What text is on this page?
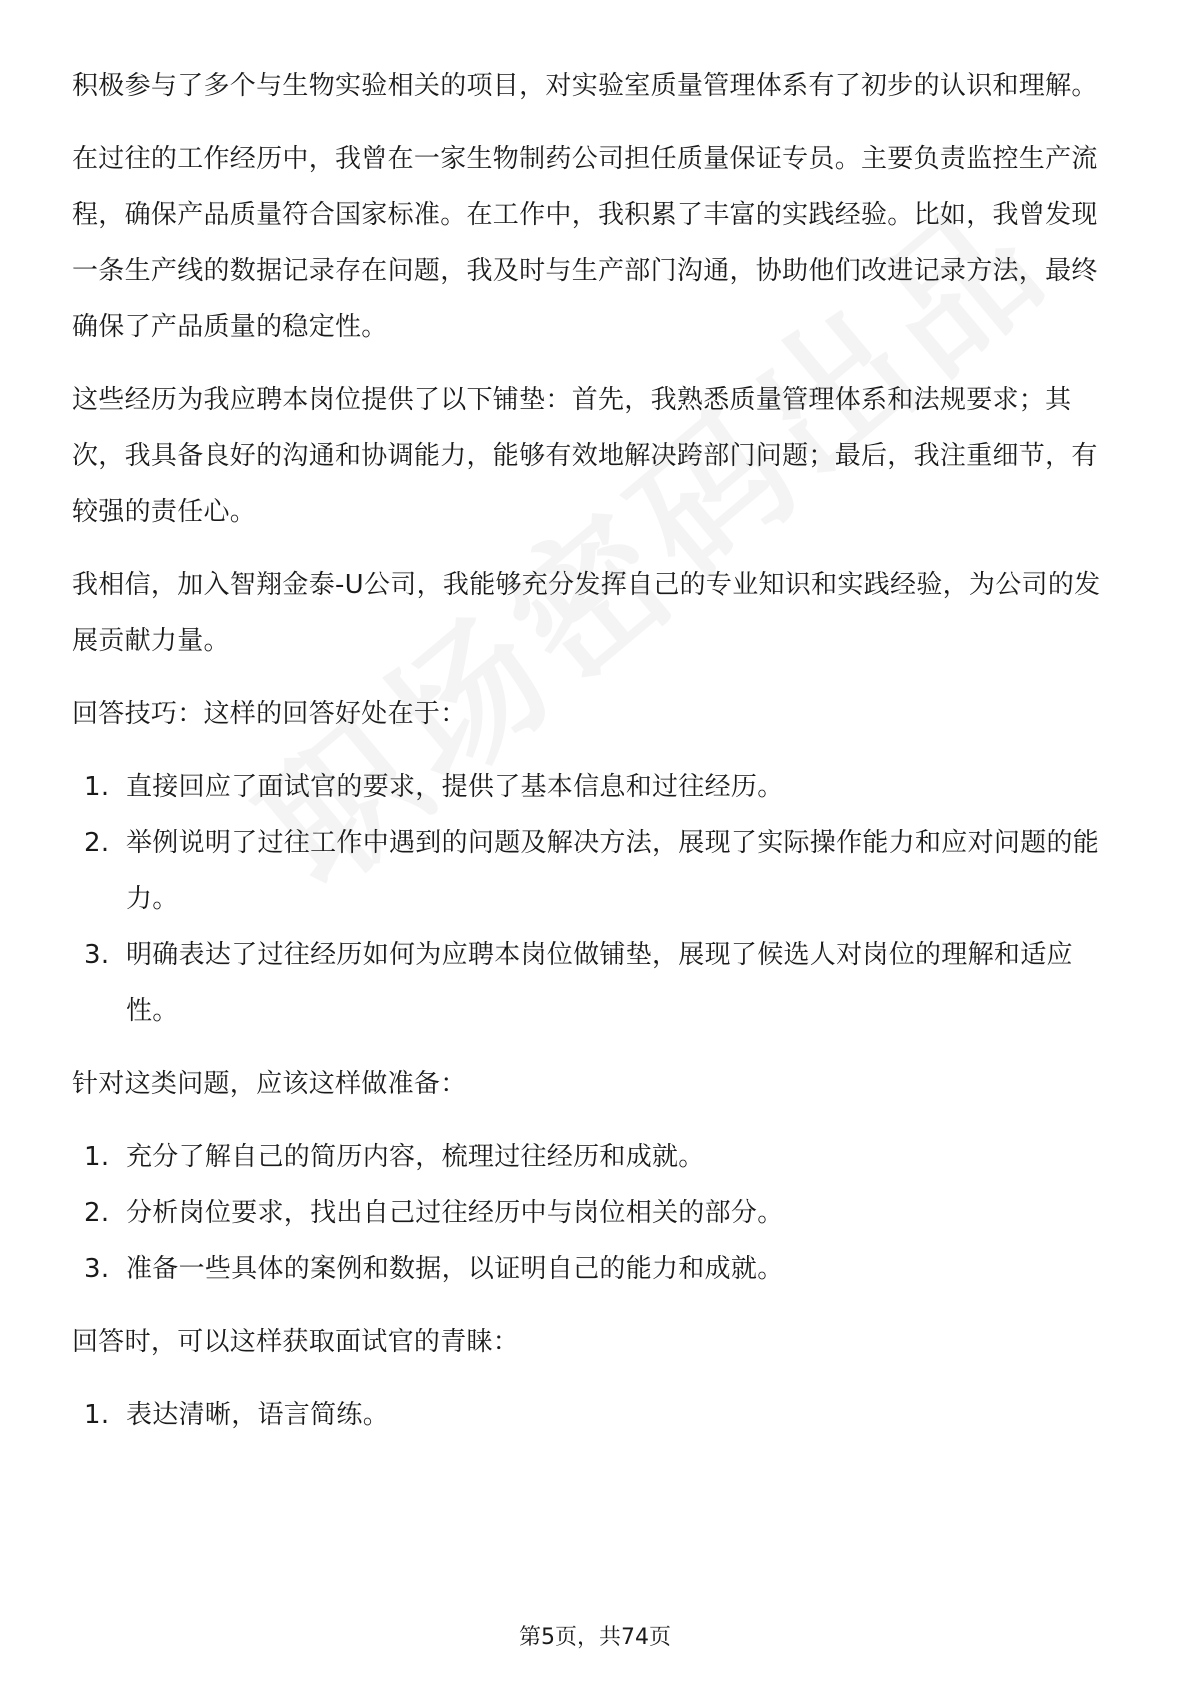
积极参与了多个与生物实验相关的项目，对实验室质量管理体系有了初步的认识和理解。

在过往的工作经历中，我曾在一家生物制药公司担任质量保证专员。主要负责监控生产流程，确保产品质量符合国家标准。在工作中，我积累了丰富的实践经验。比如，我曾发现一条生产线的数据记录存在问题，我及时与生产部门沟通，协助他们改进记录方法，最终确保了产品质量的稳定性。

这些经历为我应聘本岗位提供了以下铺垫：首先，我熟悉质量管理体系和法规要求；其次，我具备良好的沟通和协调能力，能够有效地解决跨部门问题；最后，我注重细节，有较强的责任心。

我相信，加入智翔金泰-U公司，我能够充分发挥自己的专业知识和实践经验，为公司的发展贡献力量。

回答技巧：这样的回答好处在于：

1. 直接回应了面试官的要求，提供了基本信息和过往经历。
2. 举例说明了过往工作中遇到的问题及解决方法，展现了实际操作能力和应对问题的能力。
3. 明确表达了过往经历如何为应聘本岗位做铺垫，展现了候选人对岗位的理解和适应性。

针对这类问题，应该这样做准备：

1. 充分了解自己的简历内容，梳理过往经历和成就。
2. 分析岗位要求，找出自己过往经历中与岗位相关的部分。
3. 准备一些具体的案例和数据，以证明自己的能力和成就。

回答时，可以这样获取面试官的青睐：

1. 表达清晰，语言简练。
第5页，共74页
